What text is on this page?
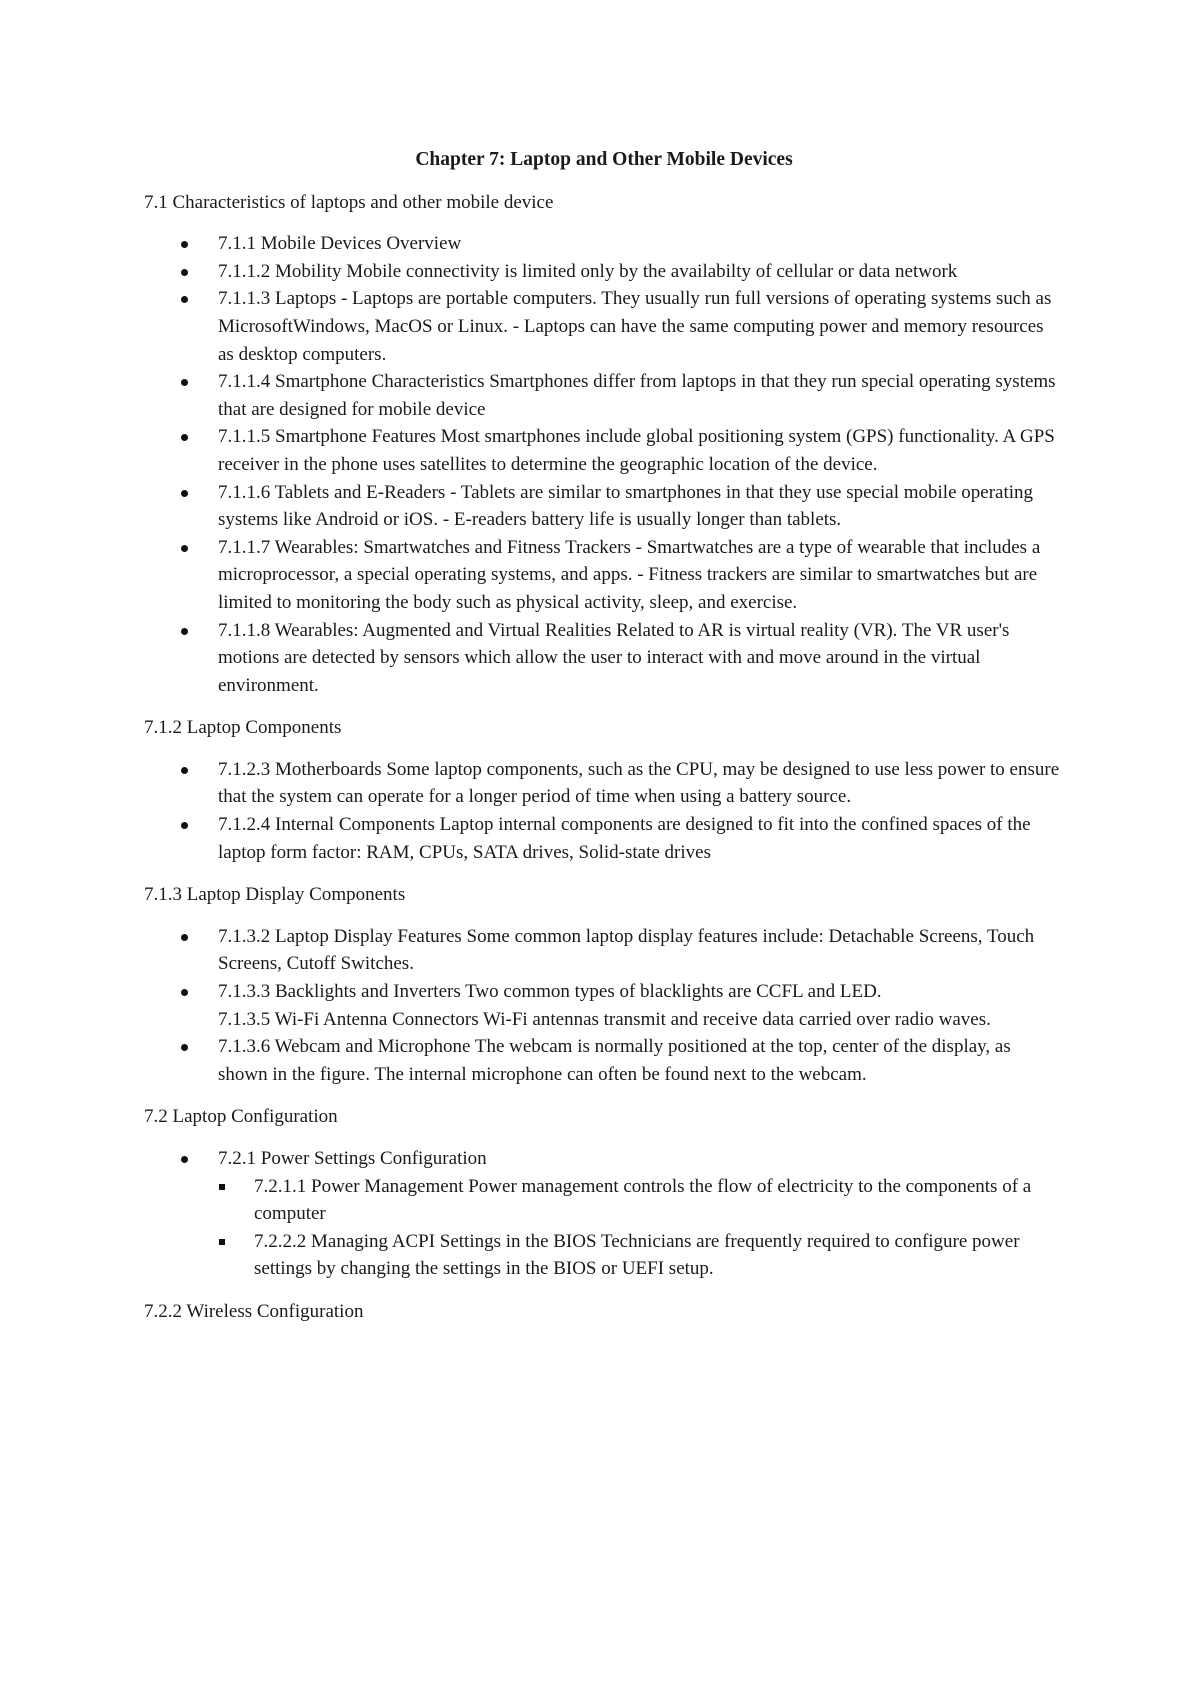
Chapter 7: Laptop and Other Mobile Devices
7.1 Characteristics of laptops and other mobile device
7.1.1 Mobile Devices Overview
7.1.1.2 Mobility Mobile connectivity is limited only by the availabilty of cellular or data network
7.1.1.3 Laptops - Laptops are portable computers. They usually run full versions of operating systems such as MicrosoftWindows, MacOS or Linux. - Laptops can have the same computing power and memory resources as desktop computers.
7.1.1.4 Smartphone Characteristics Smartphones differ from laptops in that they run special operating systems that are designed for mobile device
7.1.1.5 Smartphone Features Most smartphones include global positioning system (GPS) functionality. A GPS receiver in the phone uses satellites to determine the geographic location of the device.
7.1.1.6 Tablets and E-Readers - Tablets are similar to smartphones in that they use special mobile operating systems like Android or iOS. - E-readers battery life is usually longer than tablets.
7.1.1.7 Wearables: Smartwatches and Fitness Trackers - Smartwatches are a type of wearable that includes a microprocessor, a special operating systems, and apps. - Fitness trackers are similar to smartwatches but are limited to monitoring the body such as physical activity, sleep, and exercise.
7.1.1.8 Wearables: Augmented and Virtual Realities Related to AR is virtual reality (VR). The VR user's motions are detected by sensors which allow the user to interact with and move around in the virtual environment.
7.1.2 Laptop Components
7.1.2.3 Motherboards Some laptop components, such as the CPU, may be designed to use less power to ensure that the system can operate for a longer period of time when using a battery source.
7.1.2.4 Internal Components Laptop internal components are designed to fit into the confined spaces of the laptop form factor: RAM, CPUs, SATA drives, Solid-state drives
7.1.3 Laptop Display Components
7.1.3.2 Laptop Display Features Some common laptop display features include: Detachable Screens, Touch Screens, Cutoff Switches.
7.1.3.3 Backlights and Inverters Two common types of blacklights are CCFL and LED.
7.1.3.5 Wi-Fi Antenna Connectors Wi-Fi antennas transmit and receive data carried over radio waves.
7.1.3.6 Webcam and Microphone The webcam is normally positioned at the top, center of the display, as shown in the figure. The internal microphone can often be found next to the webcam.
7.2 Laptop Configuration
7.2.1 Power Settings Configuration
7.2.1.1 Power Management Power management controls the flow of electricity to the components of a computer
7.2.2.2 Managing ACPI Settings in the BIOS Technicians are frequently required to configure power settings by changing the settings in the BIOS or UEFI setup.
7.2.2 Wireless Configuration
